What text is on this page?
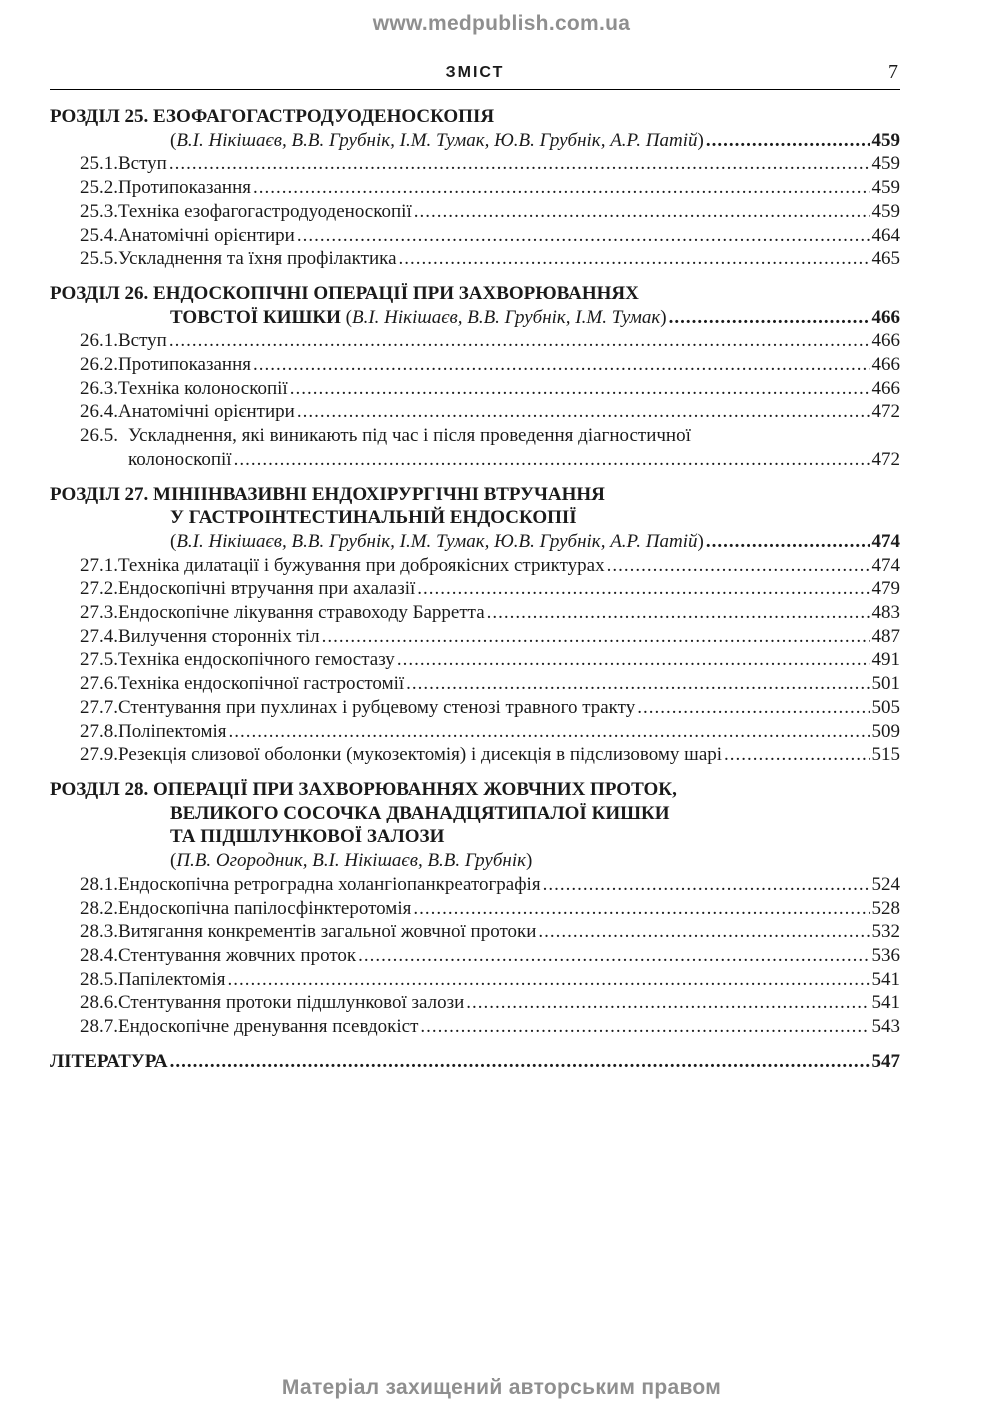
www.medpublish.com.ua
ЗМІСТ	7
РОЗДІЛ 25.
ЕЗОФАГОГАСТРОДУОДЕНОСКОПІЯ
(В.І. Нікішаєв, В.В. Грубнік, І.М. Тумак, Ю.В. Грубнік, А.Р. Патій) .....	459
25.1. Вступ .....	459
25.2. Протипоказання .....	459
25.3. Техніка езофагогастродуоденоскопії .....	459
25.4. Анатомічні орієнтири .....	464
25.5. Ускладнення та їхня профілактика .....	465
РОЗДІЛ 26.
ЕНДОСКОПІЧНІ ОПЕРАЦІЇ ПРИ ЗАХВОРЮВАННЯХ
ТОВСТОЇ КИШКИ (В.І. Нікішаєв, В.В. Грубнік, І.М. Тумак) .....	466
26.1. Вступ .....	466
26.2. Протипоказання .....	466
26.3. Техніка колоноскопії .....	466
26.4. Анатомічні орієнтири .....	472
26.5. Ускладнення, які виникають під час і після проведення діагностичної
колоноскопії .....	472
РОЗДІЛ 27.
МІНІІНВАЗИВНІ ЕНДОХІРУРГІЧНІ ВТРУЧАННЯ
У ГАСТРОІНТЕСТИНАЛЬНІЙ ЕНДОСКОПІЇ
(В.І. Нікішаєв, В.В. Грубнік, І.М. Тумак, Ю.В. Грубнік, А.Р. Патій) .....	474
27.1. Техніка дилатації і бужування при доброякісних стриктурах .....	474
27.2. Ендоскопічні втручання при ахалазії .....	479
27.3. Ендоскопічне лікування стравоходу Барретта .....	483
27.4. Вилучення сторонніх тіл .....	487
27.5. Техніка ендоскопічного гемостазу .....	491
27.6. Техніка ендоскопічної гастростомії .....	501
27.7. Стентування при пухлинах і рубцевому стенозі травного тракту .....	505
27.8. Поліпектомія .....	509
27.9. Резекція слизової оболонки (мукозектомія) і дисекція в підслизовому шарі .....	515
РОЗДІЛ 28.
ОПЕРАЦІЇ ПРИ ЗАХВОРЮВАННЯХ ЖОВЧНИХ ПРОТОК,
ВЕЛИКОГО СОСОЧКА ДВАНАДЦЯТИПАЛОЇ КИШКИ
ТА ПІДШЛУНКОВОЇ ЗАЛОЗИ
(П.В. Огородник, В.І. Нікішаєв, В.В. Грубнік)
28.1. Ендоскопічна ретроградна холангіопанкреатографія .....	524
28.2. Ендоскопічна папілосфінктеротомія .....	528
28.3. Витягання конкрементів загальної жовчної протоки .....	532
28.4. Стентування жовчних проток .....	536
28.5. Папілектомія .....	541
28.6. Стентування протоки підшлункової залози .....	541
28.7. Ендоскопічне дренування псевдокіст .....	543
ЛІТЕРАТУРА .....	547
Матеріал захищений авторським правом
